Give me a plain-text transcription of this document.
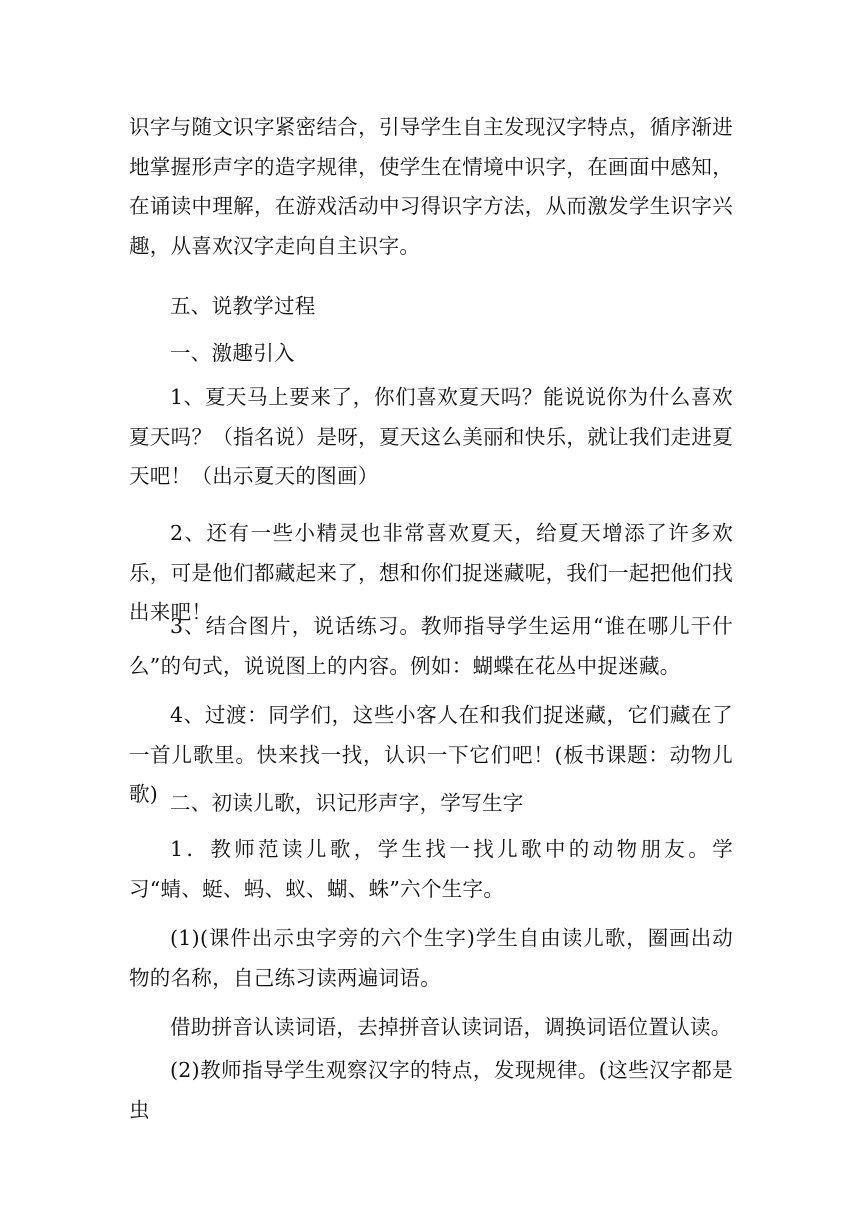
识字与随文识字紧密结合，引导学生自主发现汉字特点，循序渐进地掌握形声字的造字规律，使学生在情境中识字，在画面中感知，在诵读中理解，在游戏活动中习得识字方法，从而激发学生识字兴趣，从喜欢汉字走向自主识字。

五、说教学过程

一、激趣引入

1、夏天马上要来了，你们喜欢夏天吗？能说说你为什么喜欢夏天吗？（指名说）是呀，夏天这么美丽和快乐，就让我们走进夏天吧！（出示夏天的图画）

2、还有一些小精灵也非常喜欢夏天，给夏天增添了许多欢乐，可是他们都藏起来了，想和你们捉迷藏呢，我们一起把他们找出来吧！

3、结合图片，说话练习。教师指导学生运用“谁在哪儿干什么”的句式，说说图上的内容。例如：蝴蝶在花丛中捉迷藏。

4、过渡：同学们，这些小客人在和我们捉迷藏，它们藏在了一首儿歌里。快来找一找，认识一下它们吧！(板书课题：动物儿歌) 二、初读儿歌，识记形声字，学写生字

1．教师范读儿歌，学生找一找儿歌中的动物朋友。学习“蜻、蜓、蚂、蚁、蝴、蛛”六个生字。

(1)(课件出示虫字旁的六个生字)学生自由读儿歌，圈画出动物的名称，自己练习读两遍词语。

借助拼音认读词语，去掉拼音认读词语，调换词语位置认读。

(2)教师指导学生观察汉字的特点，发现规律。(这些汉字都是虫
